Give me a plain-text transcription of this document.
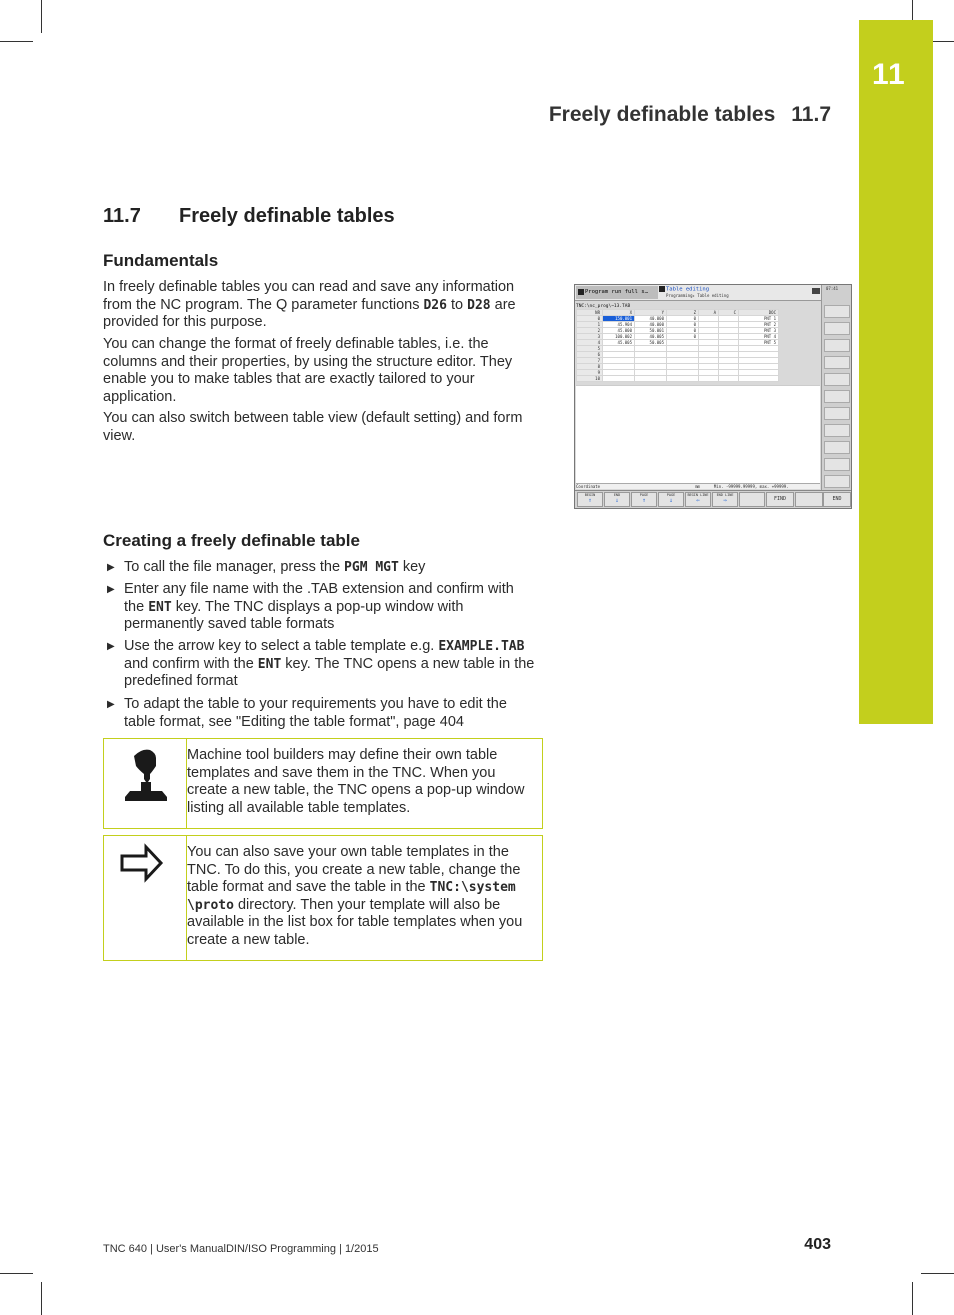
11
Freely definable tables 11.7
11.7 Freely definable tables
Fundamentals
In freely definable tables you can read and save any information from the NC program. The Q parameter functions D26 to D28 are provided for this purpose.
You can change the format of freely definable tables, i.e. the columns and their properties, by using the structure editor. They enable you to make tables that are exactly tailored to your application.
You can also switch between table view (default setting) and form view.
Program run full s…	Table editing
Programming▸ Table editing
07:41
TNC:\nc_prog\~13.TAB
NR	X	Y	Z	A	C	DOC
0	150.001	40.000	0			PNT 1
1	45.904	40.000	0			PNT 2
2	45.000	50.001	0			PNT 3
3	100.002	40.005	0			PNT 4
4	45.005	50.005				PNT 5
5						
6						
7						
8						
9						
10						
Coordinate	mm	Min. -99999.99999, max. +99999.
BEGIN
⇑
END
⇓
PAGE
↑
PAGE
↓
BEGIN LINE
⇐
END LINE
⇒	FIND	END
Creating a freely definable table
▶ To call the file manager, press the PGM MGT key
▶ Enter any file name with the .TAB extension and confirm with the ENT key. The TNC displays a pop-up window with permanently saved table formats
▶ Use the arrow key to select a table template e.g. EXAMPLE.TAB and confirm with the ENT key. The TNC opens a new table in the predefined format
▶ To adapt the table to your requirements you have to edit the table format, see "Editing the table format", page 404
Machine tool builders may define their own table templates and save them in the TNC. When you create a new table, the TNC opens a pop-up window listing all available table templates.
You can also save your own table templates in the TNC. To do this, you create a new table, change the table format and save the table in the TNC:\system \proto directory. Then your template will also be available in the list box for table templates when you create a new table.
TNC 640 | User's ManualDIN/ISO Programming | 1/2015	403
